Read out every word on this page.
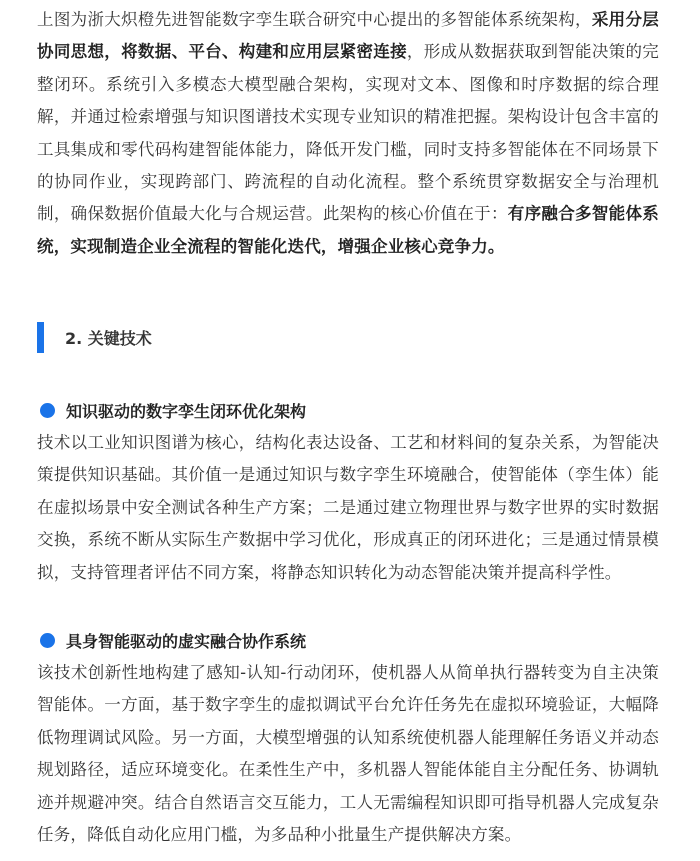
上图为浙大炽橙先进智能数字孪生联合研究中心提出的多智能体系统架构，采用分层协同思想，将数据、平台、构建和应用层紧密连接，形成从数据获取到智能决策的完整闭环。系统引入多模态大模型融合架构，实现对文本、图像和时序数据的综合理解，并通过检索增强与知识图谱技术实现专业知识的精准把握。架构设计包含丰富的工具集成和零代码构建智能体能力，降低开发门槛，同时支持多智能体在不同场景下的协同作业，实现跨部门、跨流程的自动化流程。整个系统贯穿数据安全与治理机制，确保数据价值最大化与合规运营。此架构的核心价值在于：有序融合多智能体系统，实现制造企业全流程的智能化迭代，增强企业核心竞争力。

2. 关键技术
知识驱动的数字孪生闭环优化架构

技术以工业知识图谱为核心，结构化表达设备、工艺和材料间的复杂关系，为智能决策提供知识基础。其价值一是通过知识与数字孪生环境融合，使智能体（孪生体）能在虚拟场景中安全测试各种生产方案；二是通过建立物理世界与数字世界的实时数据交换，系统不断从实际生产数据中学习优化，形成真正的闭环进化；三是通过情景模拟，支持管理者评估不同方案，将静态知识转化为动态智能决策并提高科学性。

具身智能驱动的虚实融合协作系统

该技术创新性地构建了感知-认知-行动闭环，使机器人从简单执行器转变为自主决策智能体。一方面，基于数字孪生的虚拟调试平台允许任务先在虚拟环境验证，大幅降低物理调试风险。另一方面，大模型增强的认知系统使机器人能理解任务语义并动态规划路径，适应环境变化。在柔性生产中，多机器人智能体能自主分配任务、协调轨迹并规避冲突。结合自然语言交互能力，工人无需编程知识即可指导机器人完成复杂任务，降低自动化应用门槛，为多品种小批量生产提供解决方案。
